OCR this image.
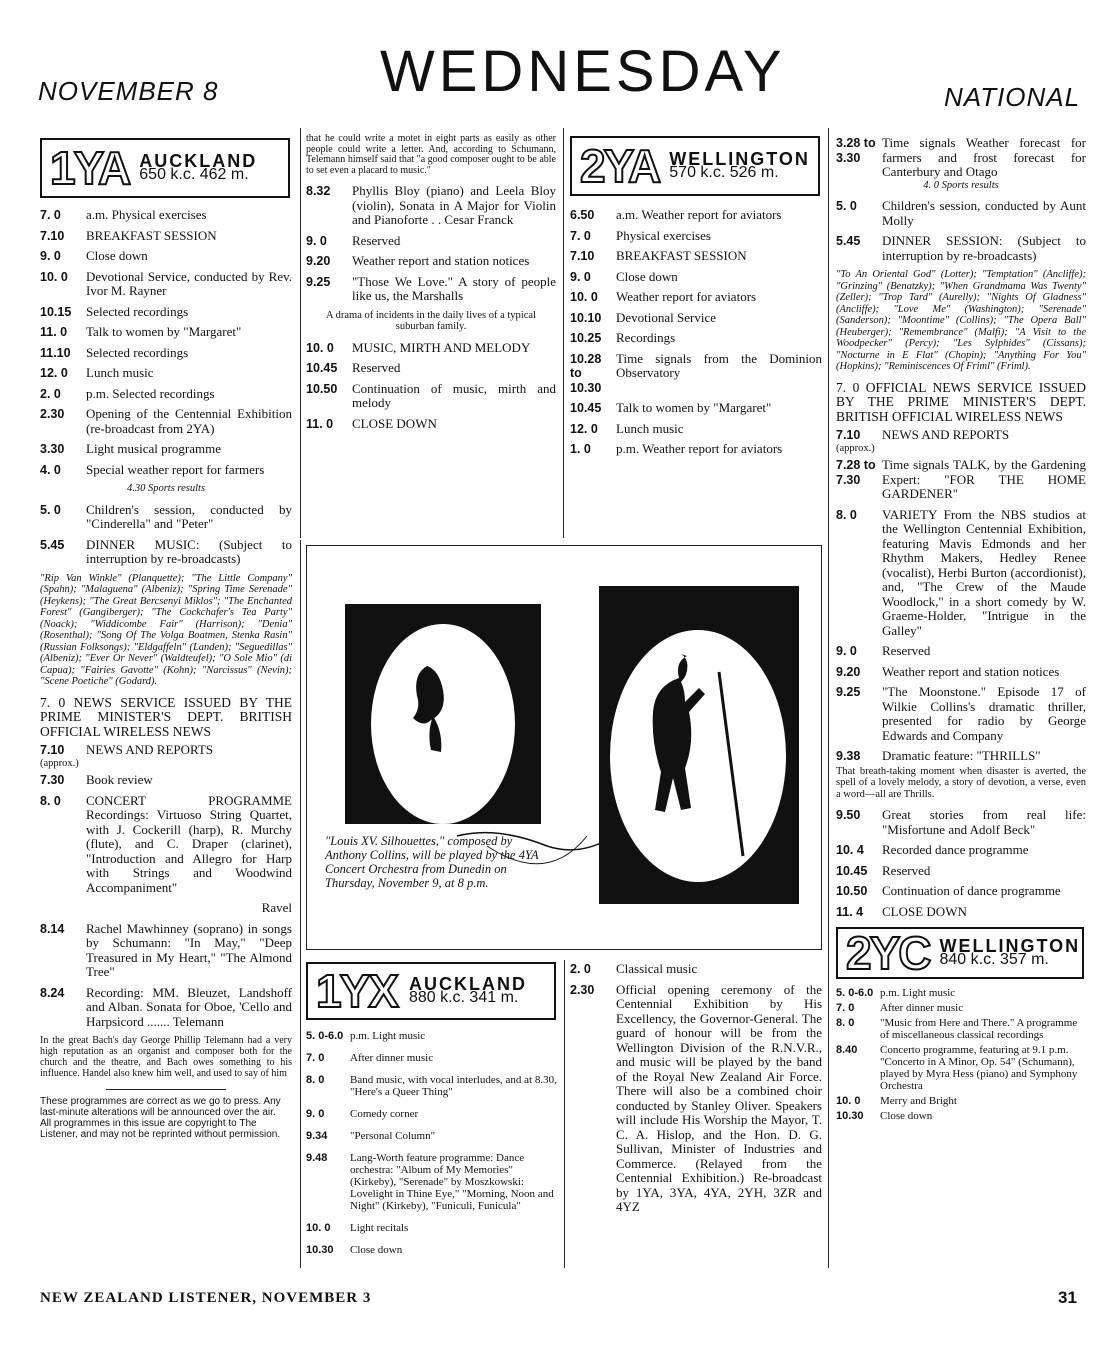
NOVEMBER 8	WEDNESDAY	NATIONAL
1YA AUCKLAND
650 k.c. 462 m.
7. 0	a.m. Physical exercises
7.10	BREAKFAST SESSION
9. 0	Close down
10. 0	Devotional Service, conducted by Rev. Ivor M. Rayner
10.15	Selected recordings
11. 0	Talk to women by "Margaret"
11.10	Selected recordings
12. 0	Lunch music
2. 0	p.m. Selected recordings
2.30	Opening of the Centennial Exhibition (re-broadcast from 2YA)
3.30	Light musical programme
4. 0	Special weather report for farmers
4.30 Sports results
5. 0	Children's session, conducted by "Cinderella" and "Peter"
5.45	DINNER MUSIC: (Subject to interruption by re-broadcasts)
"Rip Van Winkle" (Planquette); "The Little Company" (Spahn); "Malaguena" (Albeniz); "Spring Time Serenade" (Heykens); "The Great Bercsenyi Miklos"; "The Enchanted Forest" (Gangiberger); "The Cockchafer's Tea Party" (Noack); "Widdicombe Fair" (Harrison); "Denia" (Rosenthal); "Song Of The Volga Boatmen, Stenka Rasin" (Russian Folksongs); "Eldgaffeln" (Landen); "Seguedillas" (Albeniz); "Ever Or Never" (Waldteufel); "O Sole Mio" (di Capua); "Fairies Gavotte" (Kohn); "Narcissus" (Nevin); "Scene Poetiche" (Godard).
7. 0 NEWS SERVICE ISSUED BY THE PRIME MINISTER'S DEPT. BRITISH OFFICIAL WIRELESS NEWS
7.10	NEWS AND REPORTS
(approx.)
7.30	Book review
8. 0	CONCERT PROGRAMME Recordings: Virtuoso String Quartet, with J. Cockerill (harp), R. Murchy (flute), and C. Draper (clarinet), "Introduction and Allegro for Harp with Strings and Woodwind Accompaniment"
Ravel
8.14	Rachel Mawhinney (soprano) in songs by Schumann: "In May," "Deep Treasured in My Heart," "The Almond Tree"
8.24	Recording: MM. Bleuzet, Landshoff and Alban. Sonata for Oboe, 'Cello and Harpsicord ....... Telemann
In the great Bach's day George Phillip Telemann had a very high reputation as an organist and composer both for the church and the theatre, and Bach owes something to his influence. Handel also knew him well, and used to say of him
These programmes are correct as we go to press. Any last-minute alterations will be announced over the air.
All programmes in this issue are copyright to The Listener, and may not be reprinted without permission.
that he could write a motet in eight parts as easily as other people could write a letter. And, according to Schumann, Telemann himself said that "a good composer ought to be able to set even a placard to music."
8.32	Phyllis Bloy (piano) and Leela Bloy (violin), Sonata in A Major for Violin and Pianoforte . . Cesar Franck
9. 0	Reserved
9.20	Weather report and station notices
9.25	"Those We Love." A story of people like us, the Marshalls
A drama of incidents in the daily lives of a typical suburban family.
10. 0	MUSIC, MIRTH AND MELODY
10.45	Reserved
10.50	Continuation of music, mirth and melody
11. 0	CLOSE DOWN
2YA WELLINGTON
570 k.c. 526 m.
6.50	a.m. Weather report for aviators
7. 0	Physical exercises
7.10	BREAKFAST SESSION
9. 0	Close down
10. 0	Weather report for aviators
10.10	Devotional Service
10.25	Recordings
10.28 to 10.30
Time signals from the Dominion Observatory
10.45	Talk to women by "Margaret"
12. 0	Lunch music
1. 0	p.m. Weather report for aviators
"Louis XV. Silhouettes," composed by Anthony Collins, will be played by the 4YA Concert Orchestra from Dunedin on Thursday, November 9, at 8 p.m.
1YX AUCKLAND
880 k.c. 341 m.
5. 0-6.0 p.m. Light music
7. 0	After dinner music
8. 0	Band music, with vocal interludes, and at 8.30, "Here's a Queer Thing"
9. 0	Comedy corner
9.34	"Personal Column"
9.48	Lang-Worth feature programme: Dance orchestra: "Album of My Memories" (Kirkeby), "Serenade" by Moszkowski: Lovelight in Thine Eye," "Morning, Noon and Night" (Kirkeby), "Funiculi, Funicula"
10. 0	Light recitals
10.30	Close down
2. 0	Classical music
2.30	Official opening ceremony of the Centennial Exhibition by His Excellency, the Governor-General. The guard of honour will be from the Wellington Division of the R.N.V.R., and music will be played by the band of the Royal New Zealand Air Force. There will also be a combined choir conducted by Stanley Oliver. Speakers will include His Worship the Mayor, T. C. A. Hislop, and the Hon. D. G. Sullivan, Minister of Industries and Commerce. (Relayed from the Centennial Exhibition.) Re-broadcast by 1YA, 3YA, 4YA, 2YH, 3ZR and 4YZ
3.28 to 3.30
Time signals Weather forecast for farmers and frost forecast for Canterbury and Otago
4. 0 Sports results
5. 0	Children's session, conducted by Aunt Molly
5.45	DINNER SESSION: (Subject to interruption by re-broadcasts)
"To An Oriental God" (Lotter); "Temptation" (Ancliffe); "Grinzing" (Benatzky); "When Grandmama Was Twenty" (Zeller); "Trop Tard" (Aurelly); "Nights Of Gladness" (Ancliffe); "Love Me" (Washington); "Serenade" (Sanderson); "Moontime" (Collins); "The Opera Ball" (Heuberger); "Remembrance" (Malfi); "A Visit to the Woodpecker" (Percy); "Les Sylphides" (Cissans); "Nocturne in E Flat" (Chopin); "Anything For You" (Hopkins); "Reminiscences Of Friml" (Friml).
7. 0 OFFICIAL NEWS SERVICE ISSUED BY THE PRIME MINISTER'S DEPT. BRITISH OFFICIAL WIRELESS NEWS
7.10	NEWS AND REPORTS
(approx.)
7.28 to 7.30
Time signals TALK, by the Gardening Expert: "FOR THE HOME GARDENER"
8. 0	VARIETY From the NBS studios at the Wellington Centennial Exhibition, featuring Mavis Edmonds and her Rhythm Makers, Hedley Renee (vocalist), Herbi Burton (accordionist), and, "The Crew of the Maude Woodlock," in a short comedy by W. Graeme-Holder, "Intrigue in the Galley"
9. 0	Reserved
9.20	Weather report and station notices
9.25	"The Moonstone." Episode 17 of Wilkie Collins's dramatic thriller, presented for radio by George Edwards and Company
9.38	Dramatic feature: "THRILLS"
That breath-taking moment when disaster is averted, the spell of a lovely melody, a story of devotion, a verse, even a word—all are Thrills.
9.50	Great stories from real life: "Misfortune and Adolf Beck"
10. 4	Recorded dance programme
10.45	Reserved
10.50	Continuation of dance programme
11. 4	CLOSE DOWN
2YC WELLINGTON
840 k.c. 357 m.
5. 0-6.0 p.m. Light music
7. 0	After dinner music
8. 0	"Music from Here and There." A programme of miscellaneous classical recordings
8.40	Concerto programme, featuring at 9.1 p.m. "Concerto in A Minor, Op. 54" (Schumann), played by Myra Hess (piano) and Symphony Orchestra
10. 0	Merry and Bright
10.30	Close down
NEW ZEALAND LISTENER, NOVEMBER 3	31
